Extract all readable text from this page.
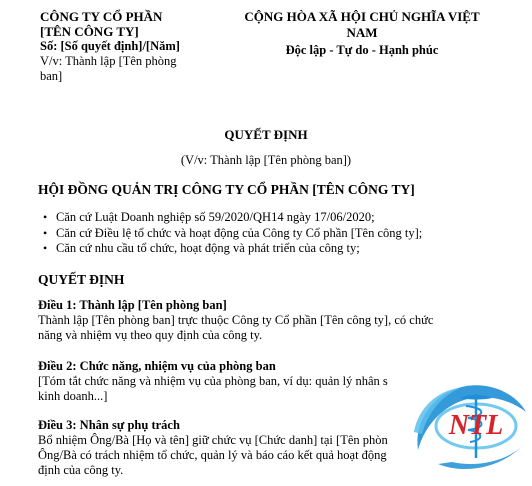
CÔNG TY CỔ PHẦN
[TÊN CÔNG TY]
Số: [Số quyết định]/[Năm]
V/v: Thành lập [Tên phòng
ban]
CỘNG HÒA XÃ HỘI CHỦ NGHĨA VIỆT
NAM
Độc lập - Tự do - Hạnh phúc
QUYẾT ĐỊNH
(V/v: Thành lập [Tên phòng ban])
HỘI ĐỒNG QUẢN TRỊ CÔNG TY CỔ PHẦN [TÊN CÔNG TY]
• Căn cứ Luật Doanh nghiệp số 59/2020/QH14 ngày 17/06/2020;
• Căn cứ Điều lệ tổ chức và hoạt động của Công ty Cổ phần [Tên công ty];
• Căn cứ nhu cầu tổ chức, hoạt động và phát triển của công ty;
QUYẾT ĐỊNH
Điều 1: Thành lập [Tên phòng ban]
Thành lập [Tên phòng ban] trực thuộc Công ty Cổ phần [Tên công ty], có chức
năng và nhiệm vụ theo quy định của công ty.
Điều 2: Chức năng, nhiệm vụ của phòng ban
[Tóm tắt chức năng và nhiệm vụ của phòng ban, ví dụ: quản lý nhân s
kinh doanh...]
Điều 3: Nhân sự phụ trách
Bổ nhiệm Ông/Bà [Họ và tên] giữ chức vụ [Chức danh] tại [Tên phòn
Ông/Bà có trách nhiệm tổ chức, quản lý và báo cáo kết quả hoạt động
định của công ty.
NTL
